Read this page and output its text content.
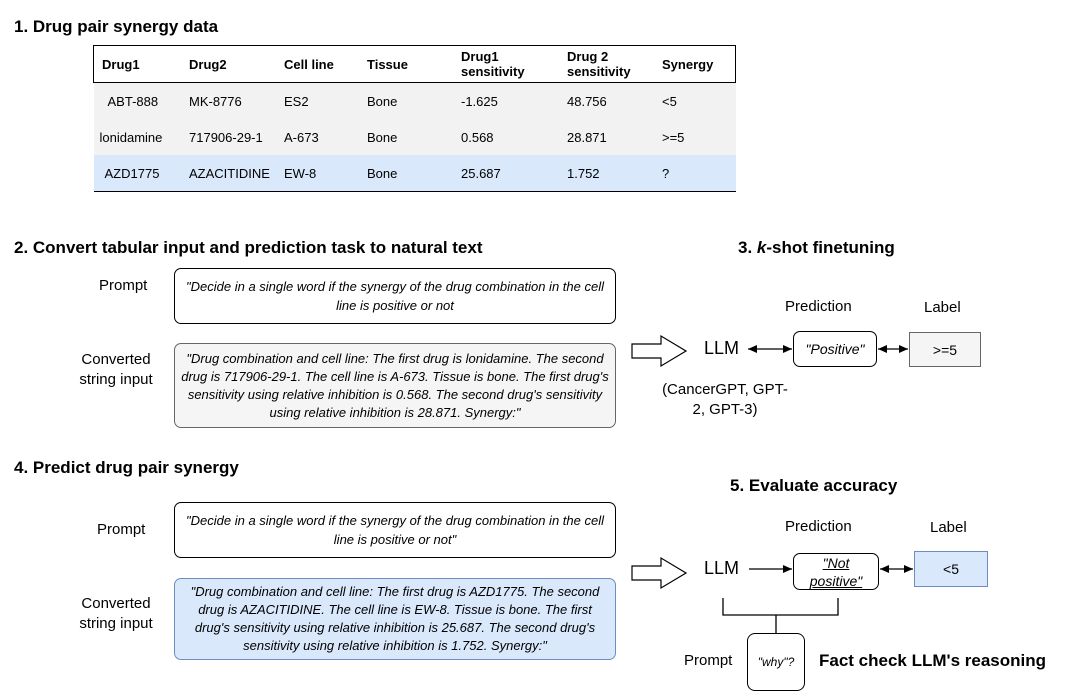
1. Drug pair synergy data
Drug1	Drug2	Cell line	Tissue	Drug1 sensitivity	Drug 2 sensitivity	Synergy
ABT-888	MK-8776	ES2	Bone	-1.625	48.756	<5
lonidamine	717906-29-1	A-673	Bone	0.568	28.871	>=5
AZD1775	AZACITIDINE	EW-8	Bone	25.687	1.752	?
2. Convert tabular input and prediction task to natural text
Prompt	"Decide in a single word if the synergy of the drug combination in the cell line is positive or not
Converted string input
"Drug combination and cell line: The first drug is lonidamine. The second drug is 717906-29-1. The cell line is A-673. Tissue is bone. The first drug's sensitivity using relative inhibition is 0.568. The second drug's sensitivity using relative inhibition is 28.871. Synergy:"
3. k-shot finetuning
Prediction	Label
LLM
(CancerGPT, GPT-2, GPT-3)
"Positive"	>=5
4. Predict drug pair synergy
Prompt
"Decide in a single word if the synergy of the drug combination in the cell line is positive or not"
Converted string input
"Drug combination and cell line: The first drug is AZD1775. The second drug is AZACITIDINE. The cell line is EW-8. Tissue is bone. The first drug's sensitivity using relative inhibition is 25.687. The second drug's sensitivity using relative inhibition is 1.752. Synergy:"
5. Evaluate accuracy
Prediction	Label
LLM	"Not positive"
<5
Prompt "why"? Fact check LLM's reasoning
